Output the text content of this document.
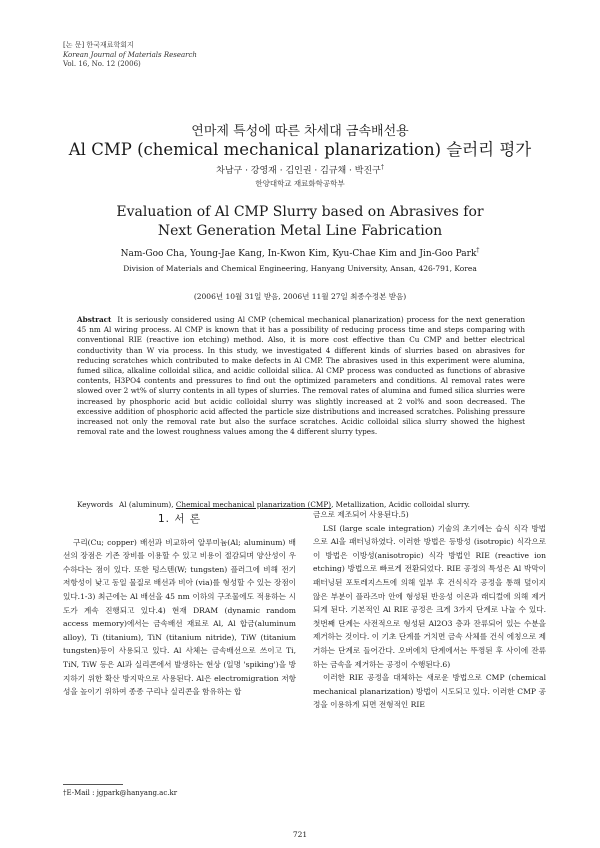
[논 문] 한국재료학회지
Korean Journal of Materials Research
Vol. 16, No. 12 (2006)
연마제 특성에 따른 차세대 금속배선용
Al CMP (chemical mechanical planarization) 슬러리 평가
차남구 · 강영재 · 김인권 · 김규채 · 박진구†
한양대학교 재료화학공학부
Evaluation of Al CMP Slurry based on Abrasives for
Next Generation Metal Line Fabrication
Nam-Goo Cha, Young-Jae Kang, In-Kwon Kim, Kyu-Chae Kim and Jin-Goo Park†
Division of Materials and Chemical Engineering, Hanyang University, Ansan, 426-791, Korea
(2006년 10월 31일 받음, 2006년 11월 27일 최종수정본 받음)
Abstract It is seriously considered using Al CMP (chemical mechanical planarization) process for the next generation 45 nm Al wiring process. Al CMP is known that it has a possibility of reducing process time and steps comparing with conventional RIE (reactive ion etching) method. Also, it is more cost effective than Cu CMP and better electrical conductivity than W via process. In this study, we investigated 4 different kinds of slurries based on abrasives for reducing scratches which contributed to make defects in Al CMP. The abrasives used in this experiment were alumina, fumed silica, alkaline colloidal silica, and acidic colloidal silica. Al CMP process was conducted as functions of abrasive contents, H3PO4 contents and pressures to find out the optimized parameters and conditions. Al removal rates were slowed over 2 wt% of slurry contents in all types of slurries. The removal rates of alumina and fumed silica slurries were increased by phosphoric acid but acidic colloidal slurry was slightly increased at 2 vol% and soon decreased. The excessive addition of phosphoric acid affected the particle size distributions and increased scratches. Polishing pressure increased not only the removal rate but also the surface scratches. Acidic colloidal silica slurry showed the highest removal rate and the lowest roughness values among the 4 different slurry types.
Keywords Al (aluminum), Chemical mechanical planarization (CMP), Metallization, Acidic colloidal slurry.
1. 서 론

구리(Cu; copper) 배선과 비교하여 알루미늄(Al; aluminum) 배선의 장점은 기존 장비를 이용할 수 있고 비용이 절감되며 양산성이 우수하다는 점이 있다. 또한 텅스텐(W; tungsten) 플러그에 비해 전기 저항성이 낮고 동일 물질로 배선과 비아 (via)를 형성할 수 있는 장점이 있다.1-3) 최근에는 Al 배선을 45 nm 이하의 구조물에도 적용하는 시도가 계속 진행되고 있다.4) 현재 DRAM (dynamic random access memory)에서는 금속배선 재료로 Al, Al 합금(aluminum alloy), Ti (titanium), TiN (titanium nitride), TiW (titanium tungsten)등이 사용되고 있다. Al 사체는 금속배선으로 쓰이고 Ti, TiN, TiW 등은 Al과 실리콘에서 발생하는 현상 (일명 'spiking')을 방지하기 위한 확산 방지막으로 사용된다. Al은 electromigration 저항성을 높이기 위하여 종종 구리나 실리콘을 함유하는 합

금으로 제조되어 사용된다.5)

LSI (large scale integration) 기술의 초기에는 습식 식각 방법으로 Al을 패터닝하였다. 이러한 방법은 등방성 (isotropic) 식각으로 이 방법은 이방성(anisotropic) 식각 방법인 RIE (reactive ion etching) 방법으로 빠르게 전환되었다. RIE 공정의 특성은 Al 박막이 패터닝된 포토레지스트에 의해 일부 후 건식식각 공정을 통해 덮이지 않은 부분이 플라즈마 안에 형성된 반응성 이온과 래디컬에 의해 제거되게 된다. 기본적인 Al RIE 공정은 크게 3가지 단계로 나눌 수 있다. 첫번째 단계는 사전적으로 형성된 Al2O3 층과 잔류되어 있는 수분을 제거하는 것이다. 이 기초 단계를 거치면 금속 사체를 건식 에칭으로 제거하는 단계로 들어간다. 오버에치 단계에서는 뚜껑된 후 사이에 잔류하는 금속을 제거하는 공정이 수행된다.6)

이러한 RIE 공정을 대체하는 새로운 방법으로 CMP (chemical mechanical planarization) 방법이 시도되고 있다. 이러한 CMP 공정을 이용하게 되면 전형적인 RIE

†E-Mail : jgpark@hanyang.ac.kr
721
